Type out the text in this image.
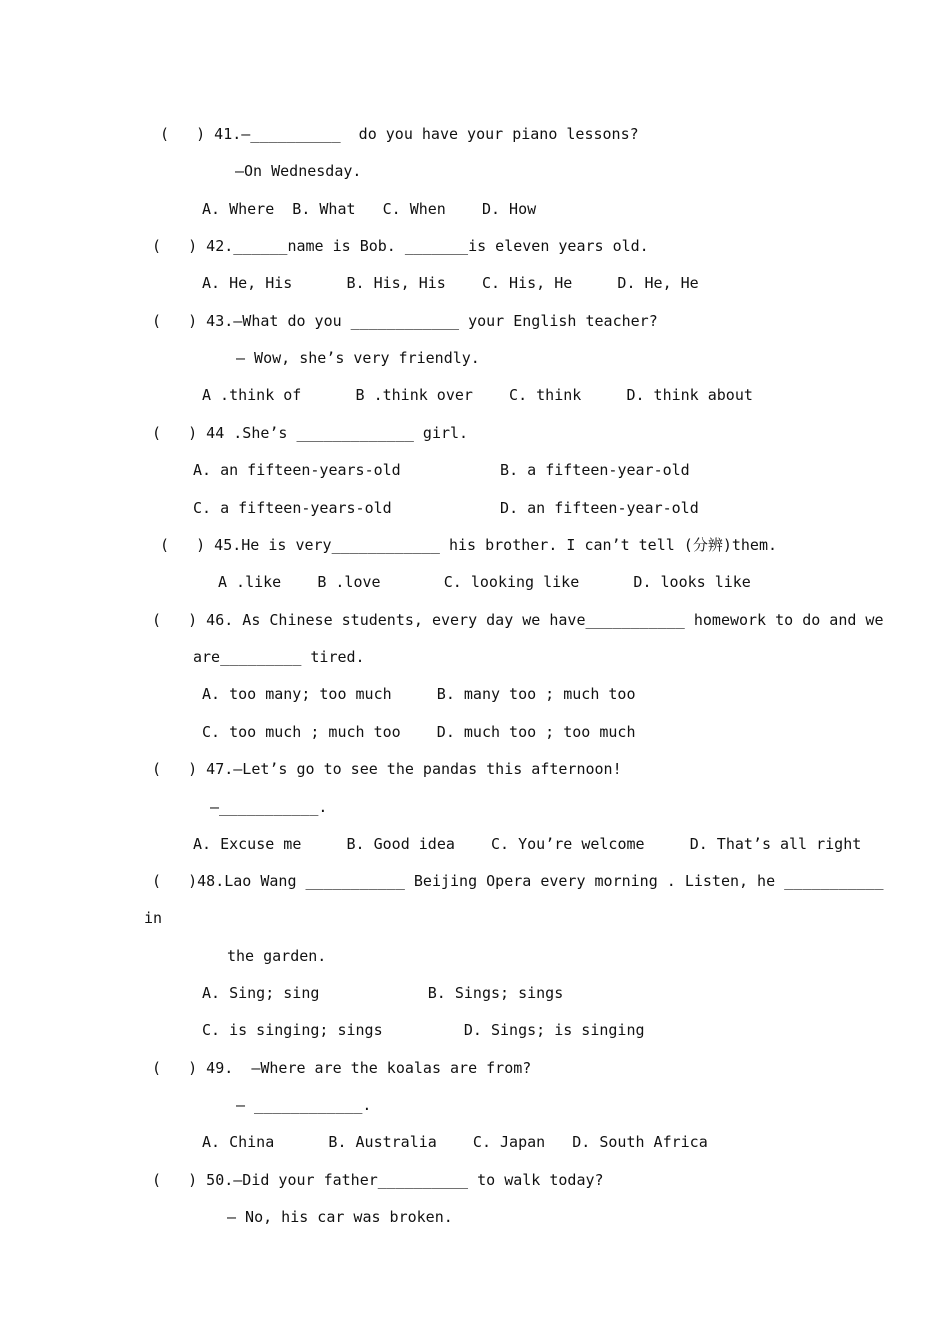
(   ) 41.—__________  do you have your piano lessons?
—On Wednesday.
A. Where  B. What   C. When    D. How
(   ) 42.______name is Bob. _______is eleven years old.
A. He, His      B. His, His    C. His, He     D. He, He
(   ) 43.—What do you ____________ your English teacher?
— Wow, she’s very friendly.
A .think of      B .think over    C. think     D. think about
(   ) 44 .She’s _____________ girl.
A. an fifteen-years-old           B. a fifteen-year-old
C. a fifteen-years-old            D. an fifteen-year-old
(   ) 45.He is very____________ his brother. I can’t tell (分辨)them.
A .like    B .love       C. looking like      D. looks like
(   ) 46. As Chinese students, every day we have___________ homework to do and we
are_________ tired.
A. too many; too much     B. many too ; much too
C. too much ; much too    D. much too ; too much
(   ) 47.—Let’s go to see the pandas this afternoon!
—___________.
A. Excuse me     B. Good idea    C. You’re welcome     D. That’s all right
(   )48.Lao Wang ___________ Beijing Opera every morning . Listen, he ___________
in
the garden.
A. Sing; sing            B. Sings; sings
C. is singing; sings         D. Sings; is singing
(   ) 49.  —Where are the koalas are from?
— ____________.
A. China      B. Australia    C. Japan   D. South Africa
(   ) 50.—Did your father__________ to walk today?
— No, his car was broken.
